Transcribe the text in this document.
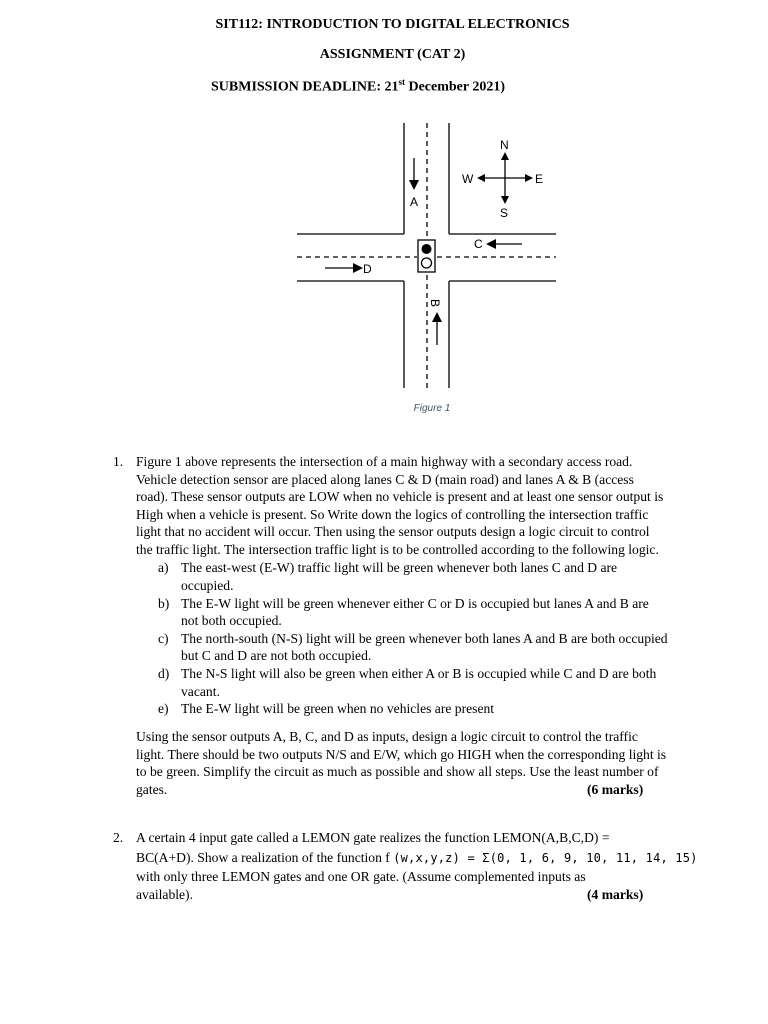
SIT112: INTRODUCTION TO DIGITAL ELECTRONICS
ASSIGNMENT (CAT 2)
SUBMISSION DEADLINE: 21st December 2021)
A
B
C
D
N
S
W	E
Figure 1
1. Figure 1 above represents the intersection of a main highway with a secondary access road.
Vehicle detection sensor are placed along lanes C & D (main road) and lanes A & B (access
road). These sensor outputs are LOW when no vehicle is present and at least one sensor output is
High when a vehicle is present. So Write down the logics of controlling the intersection traffic
light that no accident will occur. Then using the sensor outputs design a logic circuit to control
the traffic light. The intersection traffic light is to be controlled according to the following logic.
a) The east-west (E-W) traffic light will be green whenever both lanes C and D are
occupied.
b) The E-W light will be green whenever either C or D is occupied but lanes A and B are
not both occupied.
c) The north-south (N-S) light will be green whenever both lanes A and B are both occupied
but C and D are not both occupied.
d) The N-S light will also be green when either A or B is occupied while C and D are both
vacant.
e) The E-W light will be green when no vehicles are present
Using the sensor outputs A, B, C, and D as inputs, design a logic circuit to control the traffic
light. There should be two outputs N/S and E/W, which go HIGH when the corresponding light is
to be green. Simplify the circuit as much as possible and show all steps. Use the least number of
gates.	(6 marks)
2. A certain 4 input gate called a LEMON gate realizes the function LEMON(A,B,C,D) =
BC(A+D). Show a realization of the function f (w,x,y,z) = Σ(0, 1, 6, 9, 10, 11, 14, 15)
with only three LEMON gates and one OR gate. (Assume complemented inputs as
available).	(4 marks)
